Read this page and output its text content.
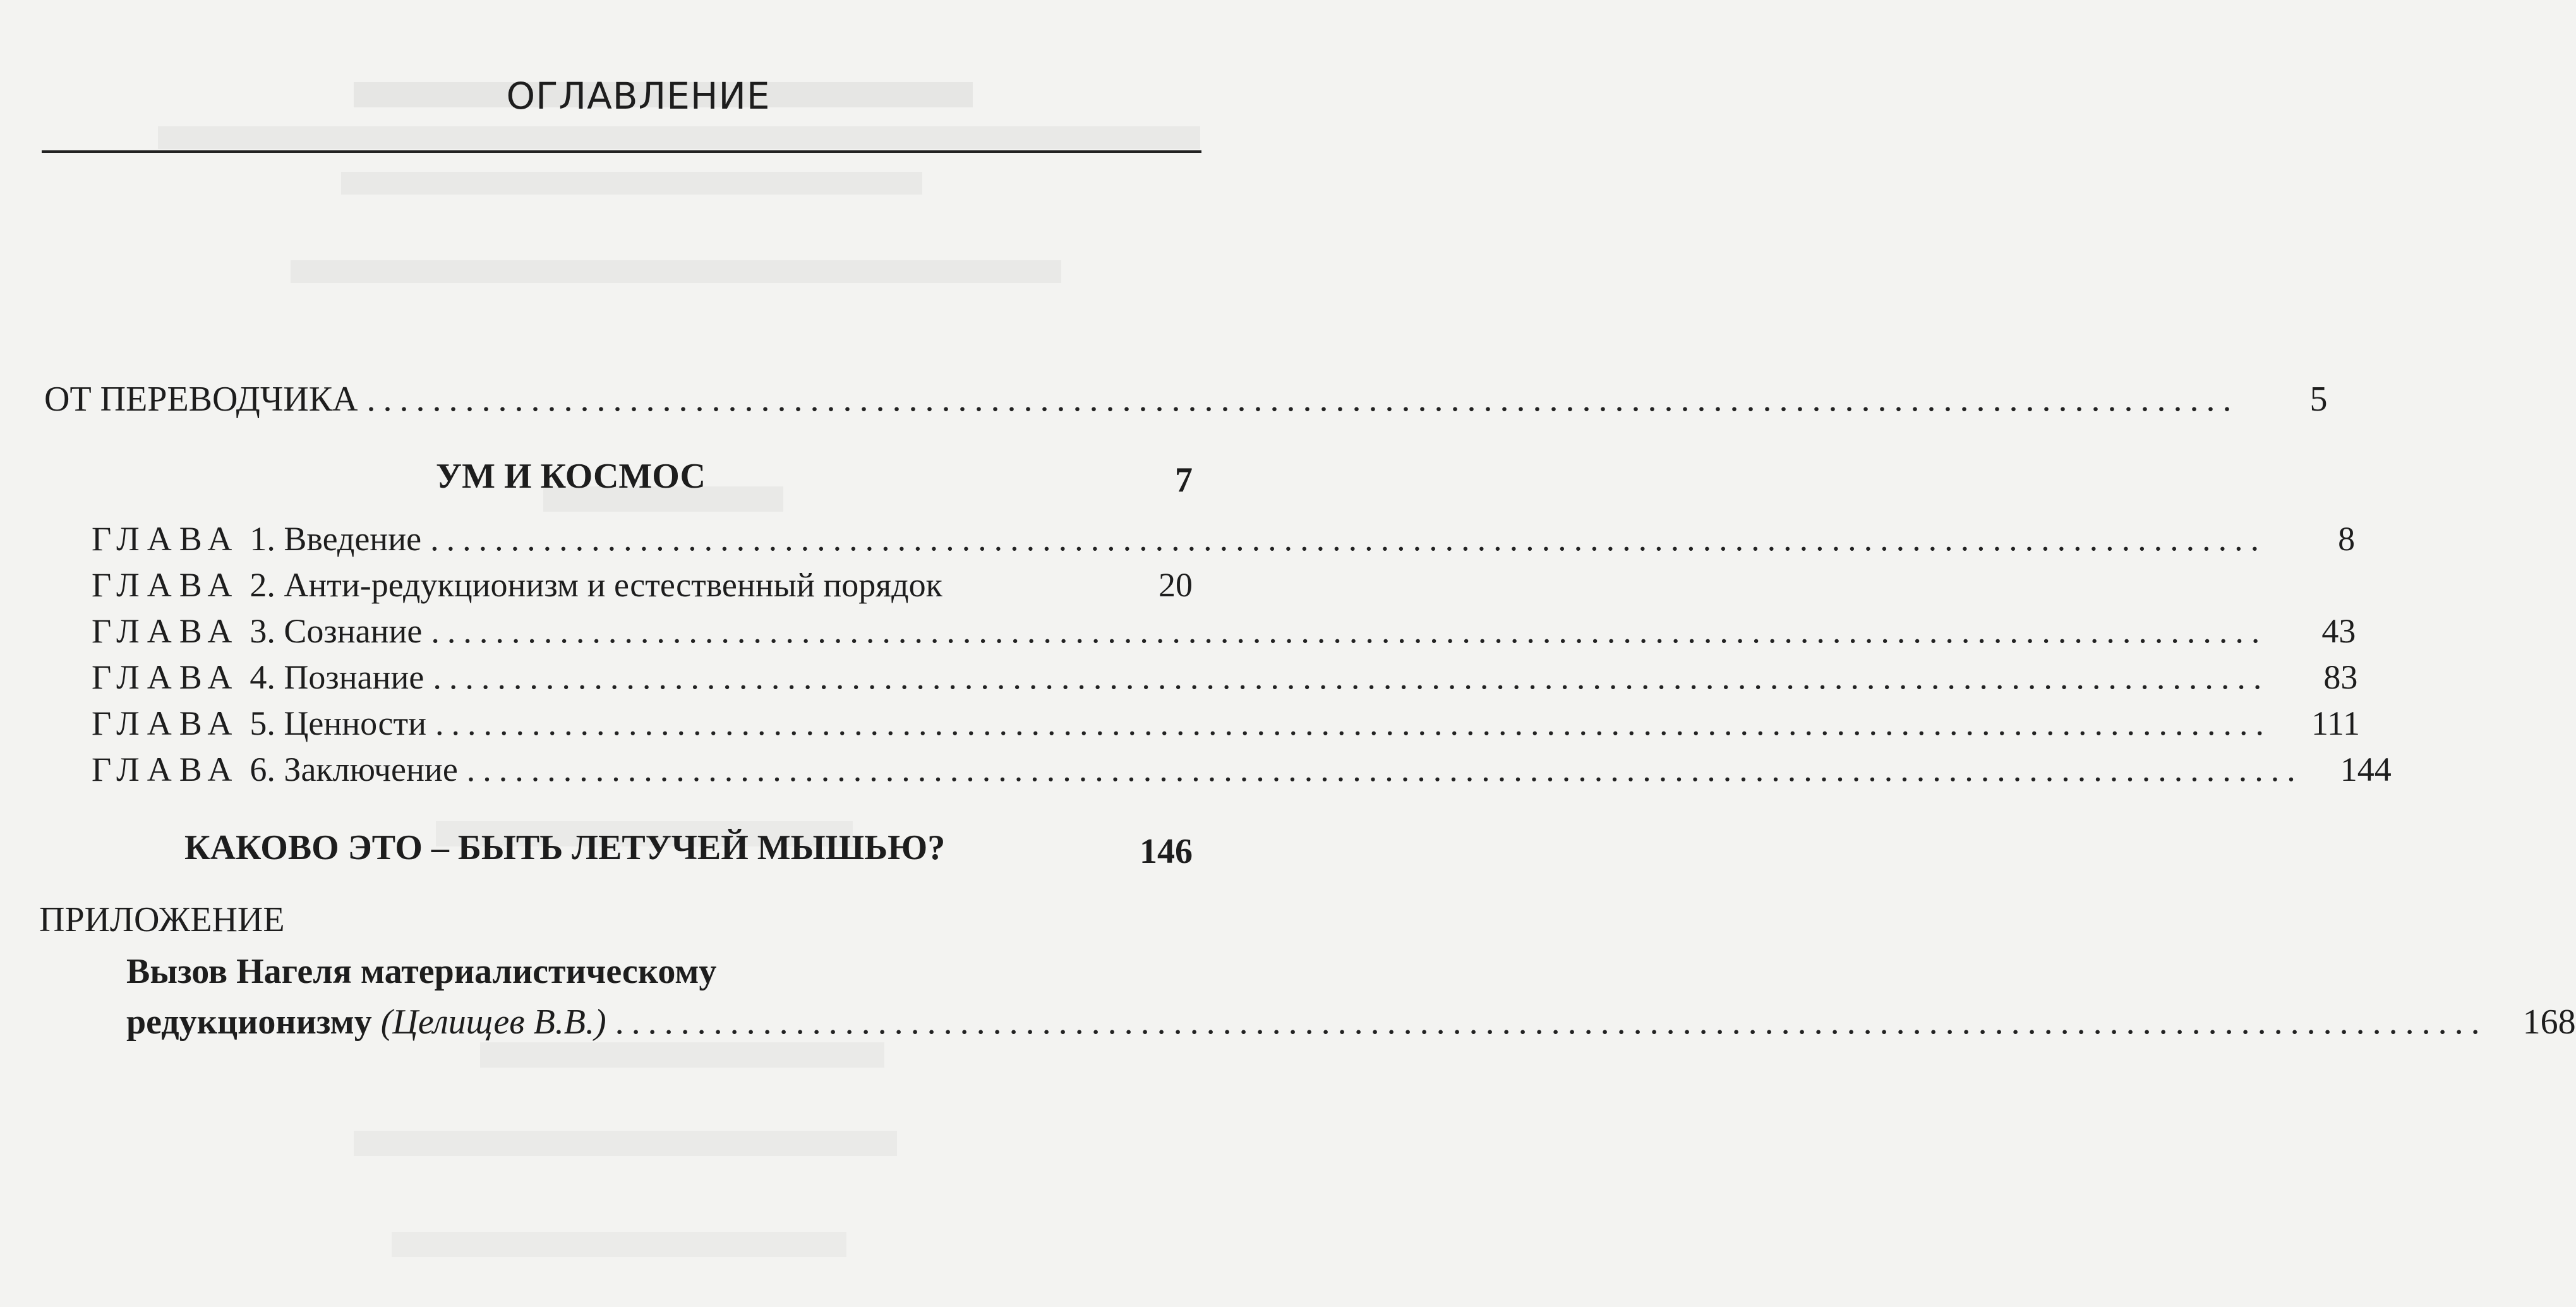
ОГЛАВЛЕНИЕ
ОТ ПЕРЕВОДЧИКА ..................................................................................................................	5
УМ И КОСМОС	7
ГЛАВА 1. Введение ..................................................................................................................	8
ГЛАВА 2. Анти-редукционизм и естественный порядок	20
ГЛАВА 3. Сознание ..................................................................................................................	43
ГЛАВА 4. Познание ..................................................................................................................	83
ГЛАВА 5. Ценности ..................................................................................................................	111
ГЛАВА 6. Заключение ..................................................................................................................	144
КАКОВО ЭТО – БЫТЬ ЛЕТУЧЕЙ МЫШЬЮ?	146
ПРИЛОЖЕНИЕ
Вызов Нагеля материалистическому
редукционизму (Целищев В.В.) ..................................................................................................................	168
